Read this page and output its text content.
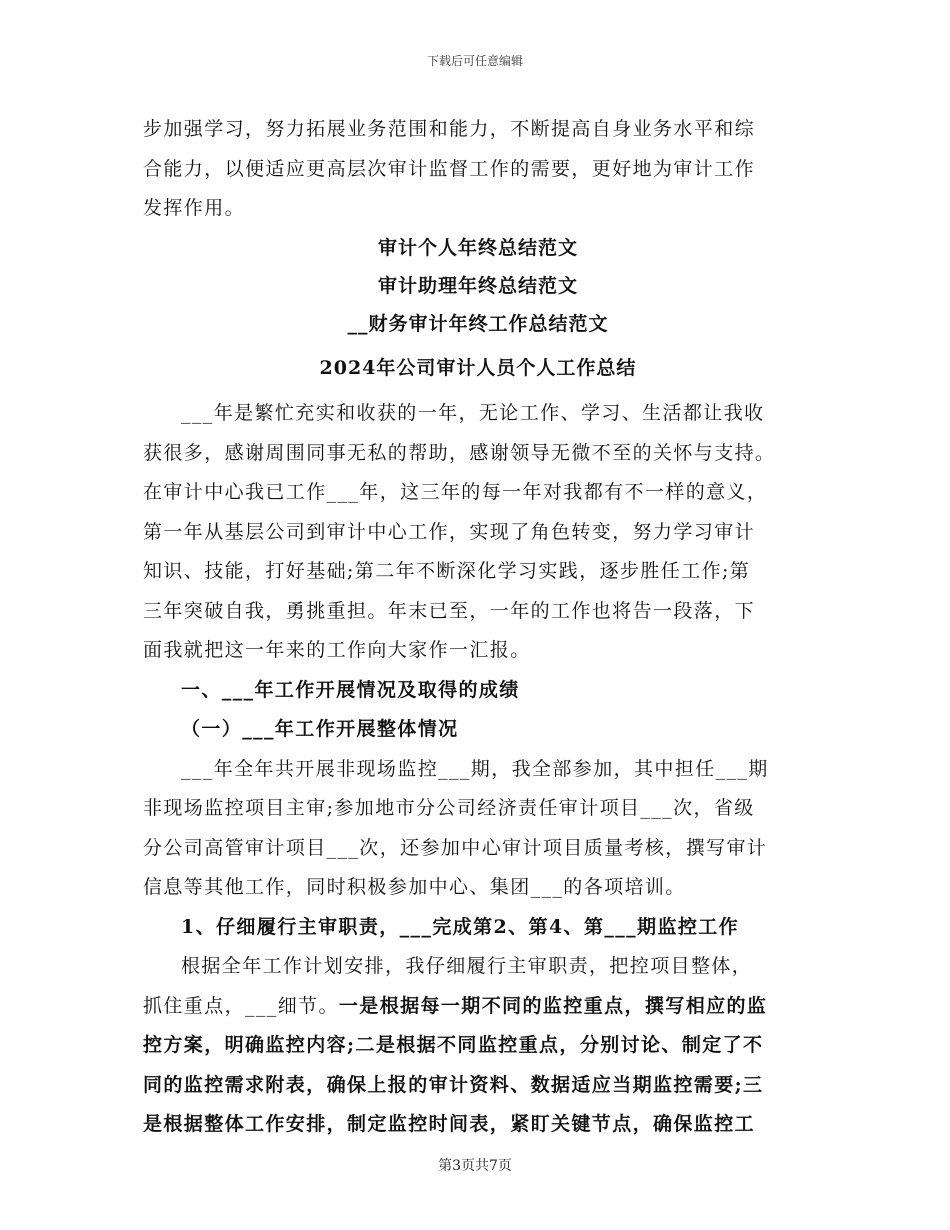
下载后可任意编辑
步加强学习，努力拓展业务范围和能力，不断提高自身业务水平和综
合能力，以便适应更高层次审计监督工作的需要，更好地为审计工作
发挥作用。
审计个人年终总结范文
审计助理年终总结范文
__财务审计年终工作总结范文
2024年公司审计人员个人工作总结
___年是繁忙充实和收获的一年，无论工作、学习、生活都让我收
获很多，感谢周围同事无私的帮助，感谢领导无微不至的关怀与支持。
在审计中心我已工作___年，这三年的每一年对我都有不一样的意义，
第一年从基层公司到审计中心工作，实现了角色转变，努力学习审计
知识、技能，打好基础;第二年不断深化学习实践，逐步胜任工作;第
三年突破自我，勇挑重担。年末已至，一年的工作也将告一段落，下
面我就把这一年来的工作向大家作一汇报。
一、___年工作开展情况及取得的成绩
（一）___年工作开展整体情况
___年全年共开展非现场监控___期，我全部参加，其中担任___期
非现场监控项目主审;参加地市分公司经济责任审计项目___次，省级
分公司高管审计项目___次，还参加中心审计项目质量考核，撰写审计
信息等其他工作，同时积极参加中心、集团___的各项培训。
1、仔细履行主审职责，___完成第2、第4、第___期监控工作
根据全年工作计划安排，我仔细履行主审职责，把控项目整体，
抓住重点，___细节。一是根据每一期不同的监控重点，撰写相应的监
控方案，明确监控内容;二是根据不同监控重点，分别讨论、制定了不
同的监控需求附表，确保上报的审计资料、数据适应当期监控需要;三
是根据整体工作安排，制定监控时间表，紧盯关键节点，确保监控工
第3页共7页
